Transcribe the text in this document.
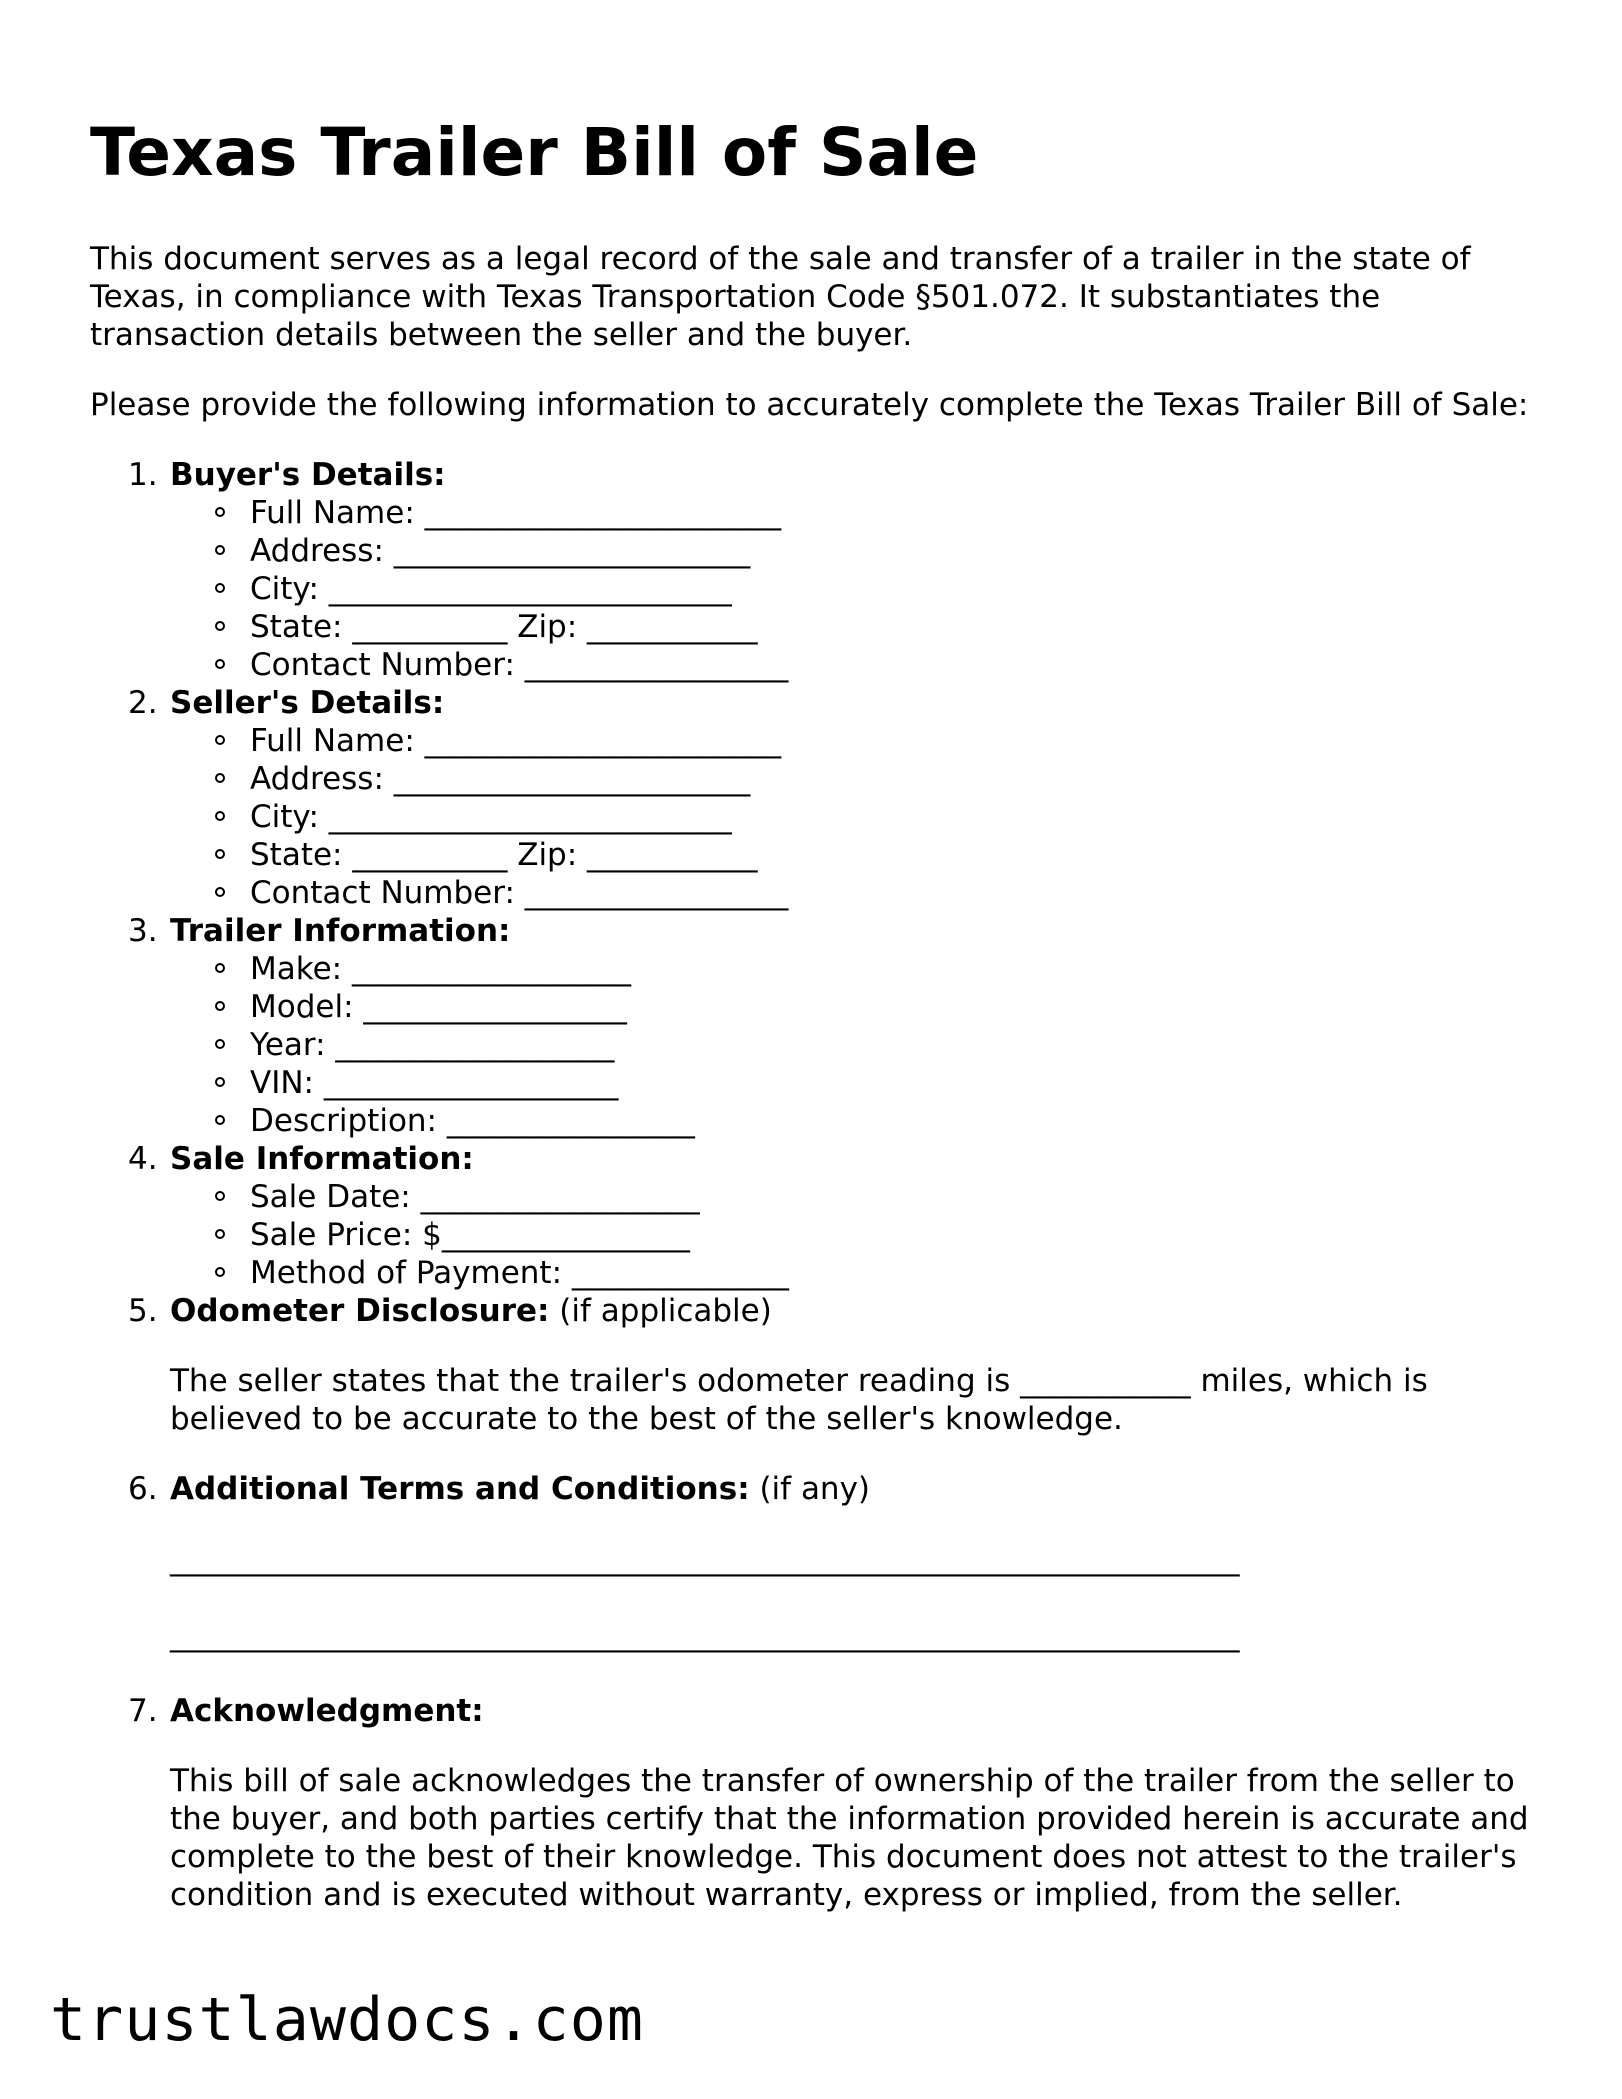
Texas Trailer Bill of Sale

This document serves as a legal record of the sale and transfer of a trailer in the state of Texas, in compliance with Texas Transportation Code §501.072. It substantiates the transaction details between the seller and the buyer.

Please provide the following information to accurately complete the Texas Trailer Bill of Sale:

1. Buyer's Details:
Full Name: _______________________
Address: _______________________
City: __________________________
State: __________ Zip: ___________
Contact Number: _________________
2. Seller's Details:
Full Name: _______________________
Address: _______________________
City: __________________________
State: __________ Zip: ___________
Contact Number: _________________
3. Trailer Information:
Make: __________________
Model: _________________
Year: __________________
VIN: ___________________
Description: ________________
4. Sale Information:
Sale Date: __________________
Sale Price: $________________
Method of Payment: ______________
5. Odometer Disclosure: (if applicable)

The seller states that the trailer's odometer reading is ___________ miles, which is believed to be accurate to the best of the seller's knowledge.

6. Additional Terms and Conditions: (if any)
_____________________________________________________________________
_____________________________________________________________________
7. Acknowledgment:

This bill of sale acknowledges the transfer of ownership of the trailer from the seller to the buyer, and both parties certify that the information provided herein is accurate and complete to the best of their knowledge. This document does not attest to the trailer's condition and is executed without warranty, express or implied, from the seller.

trustlawdocs.com
